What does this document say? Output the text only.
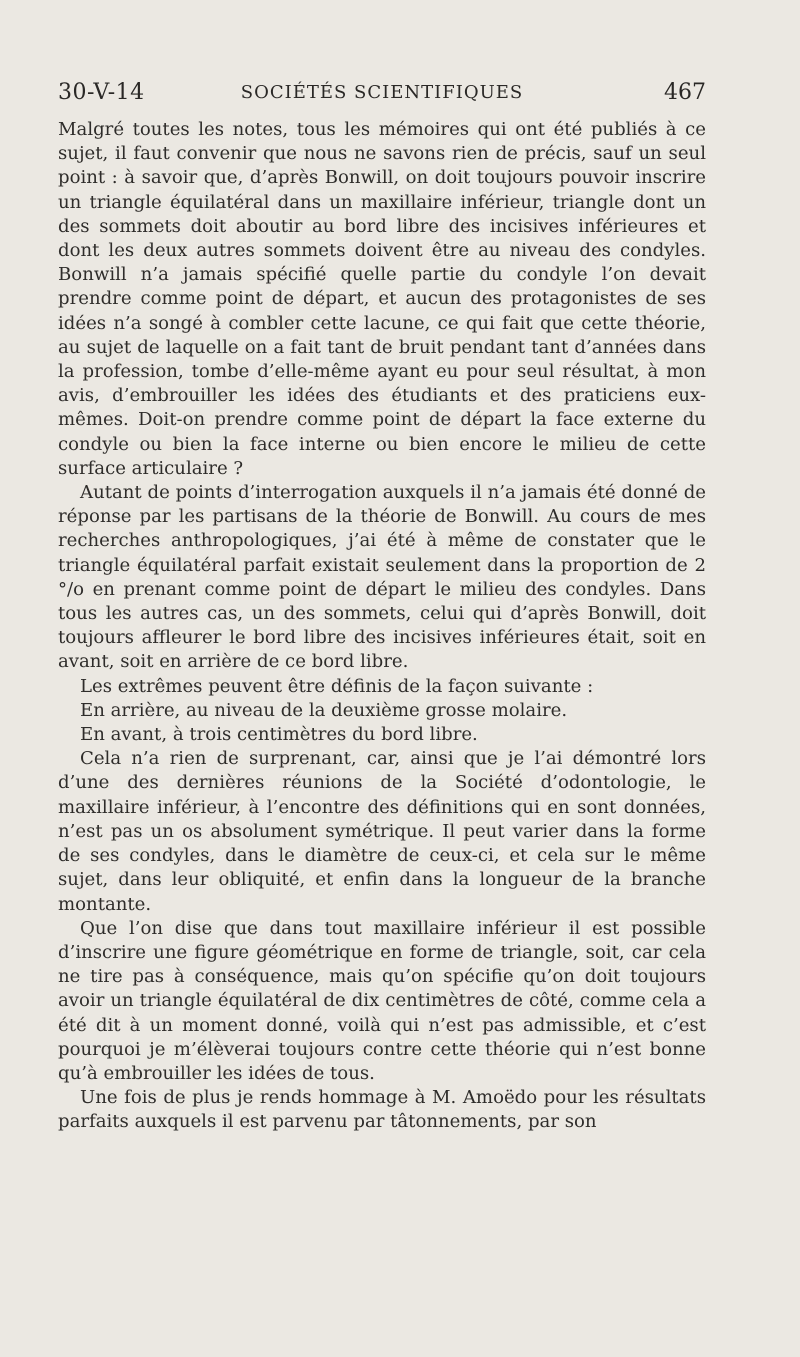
30-V-14	SOCIÉTÉS SCIENTIFIQUES	467

Malgré toutes les notes, tous les mémoires qui ont été publiés à ce sujet, il faut convenir que nous ne savons rien de précis, sauf un seul point : à savoir que, d’après Bonwill, on doit toujours pouvoir inscrire un triangle équilatéral dans un maxillaire inférieur, triangle dont un des sommets doit aboutir au bord libre des incisives inférieures et dont les deux autres sommets doivent être au niveau des condyles. Bonwill n’a jamais spécifié quelle partie du condyle l’on devait prendre comme point de départ, et aucun des protagonistes de ses idées n’a songé à combler cette lacune, ce qui fait que cette théorie, au sujet de laquelle on a fait tant de bruit pendant tant d’années dans la profession, tombe d’elle-même ayant eu pour seul résultat, à mon avis, d’embrouiller les idées des étudiants et des praticiens eux-mêmes. Doit-on prendre comme point de départ la face externe du condyle ou bien la face interne ou bien encore le milieu de cette surface articulaire ?

Autant de points d’interrogation auxquels il n’a jamais été donné de réponse par les partisans de la théorie de Bonwill. Au cours de mes recherches anthropologiques, j’ai été à même de constater que le triangle équilatéral parfait existait seulement dans la proportion de 2 °/o en prenant comme point de départ le milieu des condyles. Dans tous les autres cas, un des sommets, celui qui d’après Bonwill, doit toujours affleurer le bord libre des incisives inférieures était, soit en avant, soit en arrière de ce bord libre.

Les extrêmes peuvent être définis de la façon suivante :

En arrière, au niveau de la deuxième grosse molaire.

En avant, à trois centimètres du bord libre.

Cela n’a rien de surprenant, car, ainsi que je l’ai démontré lors d’une des dernières réunions de la Société d’odontologie, le maxillaire inférieur, à l’encontre des définitions qui en sont données, n’est pas un os absolument symétrique. Il peut varier dans la forme de ses condyles, dans le diamètre de ceux-ci, et cela sur le même sujet, dans leur obliquité, et enfin dans la longueur de la branche montante.

Que l’on dise que dans tout maxillaire inférieur il est possible d’inscrire une figure géométrique en forme de triangle, soit, car cela ne tire pas à conséquence, mais qu’on spécifie qu’on doit toujours avoir un triangle équilatéral de dix centimètres de côté, comme cela a été dit à un moment donné, voilà qui n’est pas admissible, et c’est pourquoi je m’élèverai toujours contre cette théorie qui n’est bonne qu’à embrouiller les idées de tous.

Une fois de plus je rends hommage à M. Amoëdo pour les résultats parfaits auxquels il est parvenu par tâtonnements, par son
